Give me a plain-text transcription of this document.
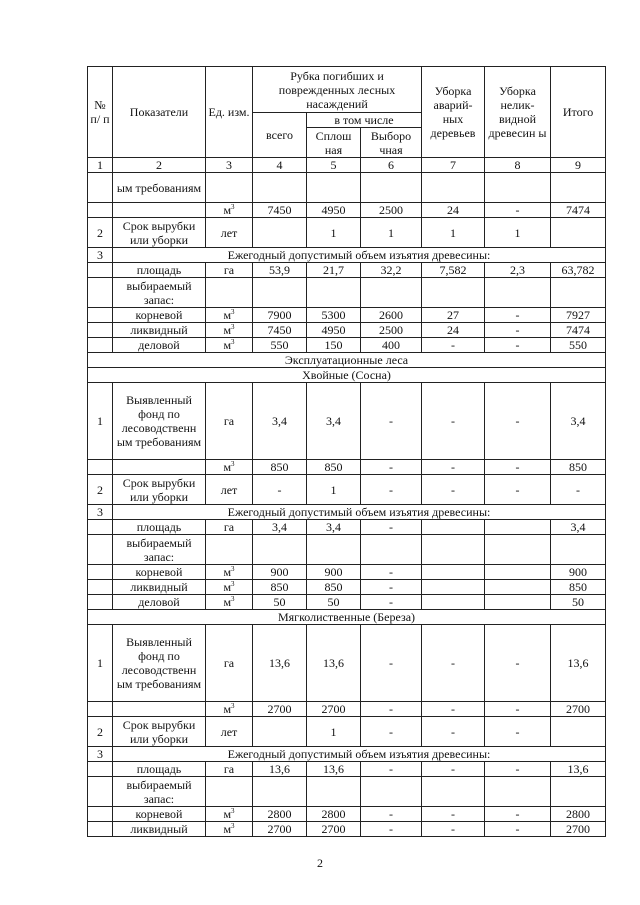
№ п/ п	Показатели	Ед. изм.	Рубка погибших и поврежденных лесных насаждений			Уборка аварий- ных деревьев	Уборка нелик- видной древесин ы	Итого
			всего	в том числе				
				Сплош ная	Выборо чная			
1	2	3	4	5	6	7	8	9
	ым требованиям							
		$м^3$	7450	4950	2500	24	-	7474
2	Срок вырубки или уборки	лет		1	1	1	1	
3	Ежегодный допустимый объем изъятия древесины:							
	площадь	га	53,9	21,7	32,2	7,582	2,3	63,782
	выбираемый запас:							
	корневой	$м^3$	7900	5300	2600	27	-	7927
	ликвидный	$м^3$	7450	4950	2500	24	-	7474
	деловой	$м^3$	550	150	400	-	-	550
Эксплуатационные леса								
Хвойные (Сосна)								
1	Выявленный фонд по лесоводственн ым требованиям	га	3,4	3,4	-	-	-	3,4
		$м^3$	850	850	-	-	-	850
2	Срок вырубки или уборки	лет	-	1	-	-	-	-
3	Ежегодный допустимый объем изъятия древесины:							
	площадь	га	3,4	3,4	-			3,4
	выбираемый запас:							
	корневой	$м^3$	900	900	-			900
	ликвидный	$м^3$	850	850	-			850
	деловой	$м^3$	50	50	-			50
Мягколиственные (Береза)								
1	Выявленный фонд по лесоводственн ым требованиям	га	13,6	13,6	-	-	-	13,6
		$м^3$	2700	2700	-	-	-	2700
2	Срок вырубки или уборки	лет		1	-	-	-	
3	Ежегодный допустимый объем изъятия древесины:							
	площадь	га	13,6	13,6	-	-	-	13,6
	выбираемый запас:							
	корневой	$м^3$	2800	2800	-	-	-	2800
	ликвидный	$м^3$	2700	2700	-	-	-	2700
2
